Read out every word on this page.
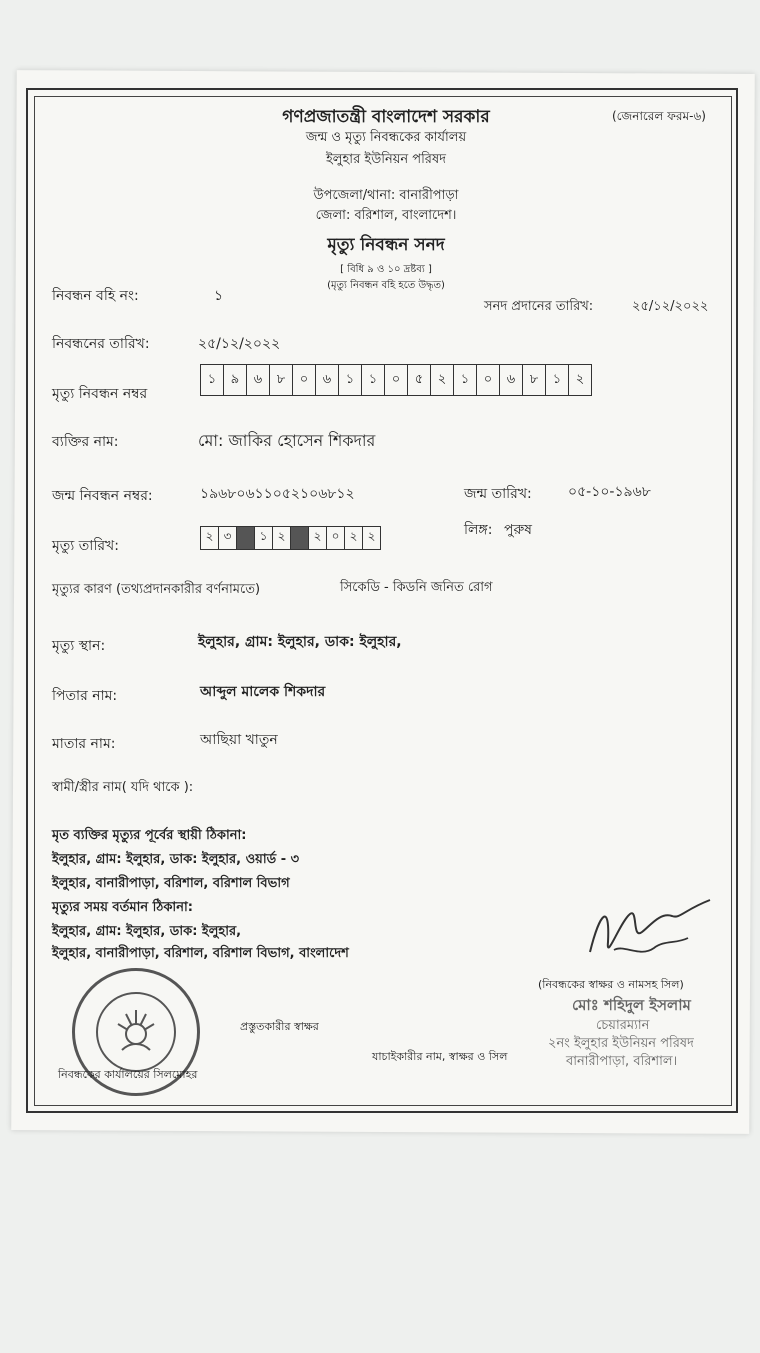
(জেনারেল ফরম-৬)
গণপ্রজাতন্ত্রী বাংলাদেশ সরকার
জন্ম ও মৃত্যু নিবন্ধকের কার্যালয়
ইলুহার ইউনিয়ন পরিষদ
উপজেলা/থানা: বানারীপাড়া
জেলা: বরিশাল, বাংলাদেশ।
মৃত্যু নিবন্ধন সনদ
[ বিধি ৯ ও ১০ দ্রষ্টব্য ]
(মৃত্যু নিবন্ধন বহি হতে উদ্ধৃত)
নিবন্ধন বহি নং:	১
সনদ প্রদানের তারিখ:	২৫/১২/২০২২
নিবন্ধনের তারিখ:	২৫/১২/২০২২
মৃত্যু নিবন্ধন নম্বর
১	৯	৬	৮	০	৬	১	১	০	৫	২	১	০	৬	৮	১	২
ব্যক্তির নাম:	মো: জাকির হোসেন শিকদার
জন্ম নিবন্ধন নম্বর:	১৯৬৮০৬১১০৫২১০৬৮১২	জন্ম তারিখ:	০৫-১০-১৯৬৮
লিঙ্গ: পুরুষ
মৃত্যু তারিখ:
২ ৩	১ ২	২ ০ ২ ২
মৃত্যুর কারণ (তথ্যপ্রদানকারীর বর্ণনামতে)	সিকেডি - কিডনি জনিত রোগ
মৃত্যু স্থান:	ইলুহার, গ্রাম: ইলুহার, ডাক: ইলুহার,
পিতার নাম:	আব্দুল মালেক শিকদার
মাতার নাম:	আছিয়া খাতুন
স্বামী/স্ত্রীর নাম( যদি থাকে ):
মৃত ব্যক্তির মৃত্যুর পূর্বের স্থায়ী ঠিকানা:
ইলুহার, গ্রাম: ইলুহার, ডাক: ইলুহার, ওয়ার্ড - ৩
ইলুহার, বানারীপাড়া, বরিশাল, বরিশাল বিভাগ
মৃত্যুর সময় বর্তমান ঠিকানা:
ইলুহার, গ্রাম: ইলুহার, ডাক: ইলুহার,
ইলুহার, বানারীপাড়া, বরিশাল, বরিশাল বিভাগ, বাংলাদেশ
(নিবন্ধকের স্বাক্ষর ও নামসহ সিল)
মোঃ শহিদুল ইসলাম
চেয়ারম্যান
২নং ইলুহার ইউনিয়ন পরিষদ
বানারীপাড়া, বরিশাল।
প্রস্তুতকারীর স্বাক্ষর
যাচাইকারীর নাম, স্বাক্ষর ও সিল
নিবন্ধকের কার্যালয়ের সিলমোহর
